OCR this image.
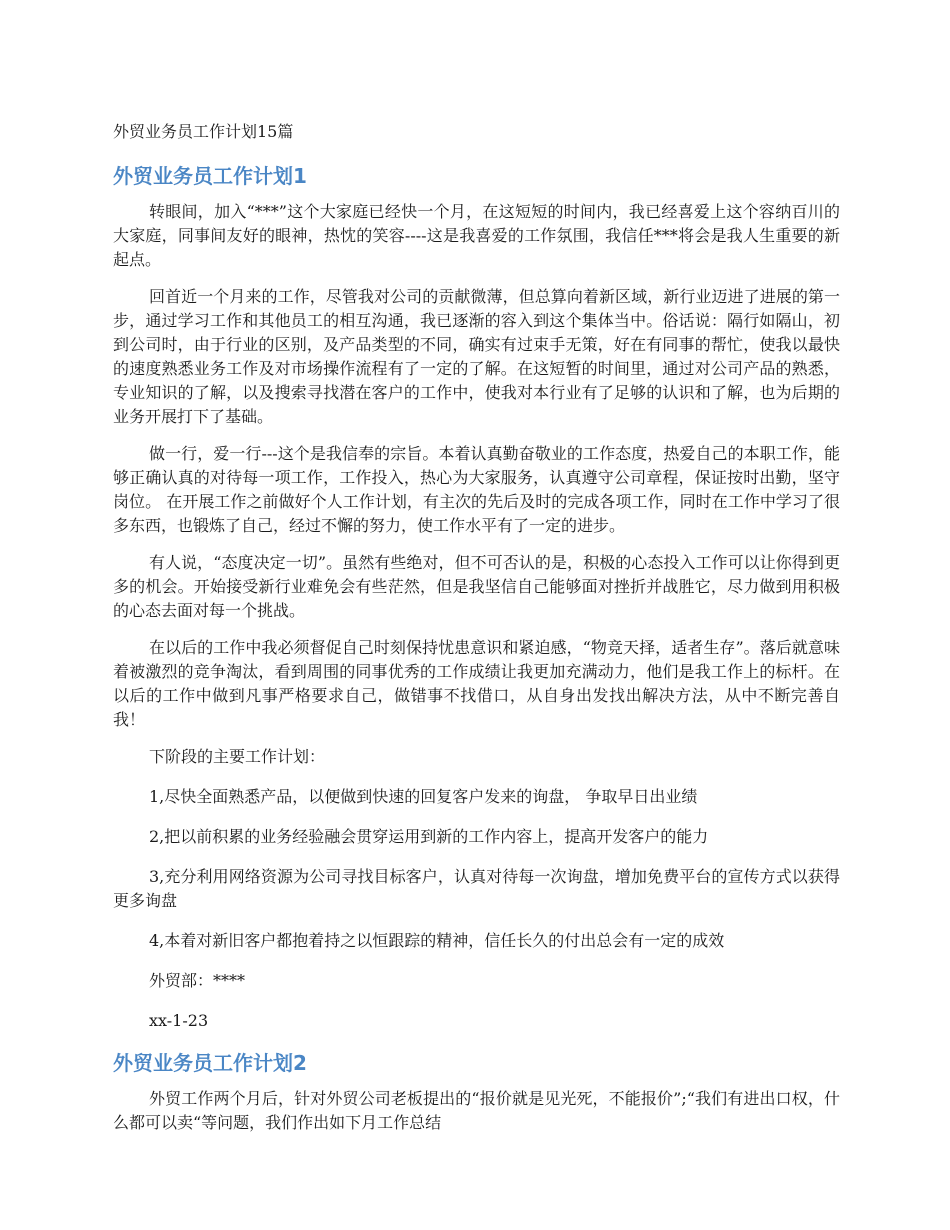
外贸业务员工作计划15篇
外贸业务员工作计划1

转眼间，加入“***”这个大家庭已经快一个月，在这短短的时间内，我已经喜爱上这个容纳百川的大家庭，同事间友好的眼神，热忱的笑容----这是我喜爱的工作氛围，我信任***将会是我人生重要的新起点。

回首近一个月来的工作，尽管我对公司的贡献微薄，但总算向着新区域，新行业迈进了进展的第一步，通过学习工作和其他员工的相互沟通，我已逐渐的容入到这个集体当中。俗话说：隔行如隔山，初到公司时，由于行业的区别，及产品类型的不同，确实有过束手无策，好在有同事的帮忙，使我以最快的速度熟悉业务工作及对市场操作流程有了一定的了解。在这短暂的时间里，通过对公司产品的熟悉，专业知识的了解，以及搜索寻找潜在客户的工作中，使我对本行业有了足够的认识和了解，也为后期的业务开展打下了基础。

做一行，爱一行---这个是我信奉的宗旨。本着认真勤奋敬业的工作态度，热爱自己的本职工作，能够正确认真的对待每一项工作，工作投入，热心为大家服务，认真遵守公司章程，保证按时出勤，坚守岗位。 在开展工作之前做好个人工作计划，有主次的先后及时的完成各项工作，同时在工作中学习了很多东西，也锻炼了自己，经过不懈的努力，使工作水平有了一定的进步。

有人说，“态度决定一切”。虽然有些绝对，但不可否认的是，积极的心态投入工作可以让你得到更多的机会。开始接受新行业难免会有些茫然，但是我坚信自己能够面对挫折并战胜它，尽力做到用积极的心态去面对每一个挑战。

在以后的工作中我必须督促自己时刻保持忧患意识和紧迫感，“物竞天择，适者生存”。落后就意味着被激烈的竞争淘汰，看到周围的同事优秀的工作成绩让我更加充满动力，他们是我工作上的标杆。在以后的工作中做到凡事严格要求自己，做错事不找借口，从自身出发找出解决方法，从中不断完善自我！

下阶段的主要工作计划：

1,尽快全面熟悉产品，以便做到快速的回复客户发来的询盘， 争取早日出业绩

2,把以前积累的业务经验融会贯穿运用到新的工作内容上，提高开发客户的能力

3,充分利用网络资源为公司寻找目标客户，认真对待每一次询盘，增加免费平台的宣传方式以获得更多询盘

4,本着对新旧客户都抱着持之以恒跟踪的精神，信任长久的付出总会有一定的成效

外贸部：****

xx-1-23

外贸业务员工作计划2

外贸工作两个月后，针对外贸公司老板提出的“报价就是见光死，不能报价”;“我们有进出口权，什么都可以卖“等问题，我们作出如下月工作总结
